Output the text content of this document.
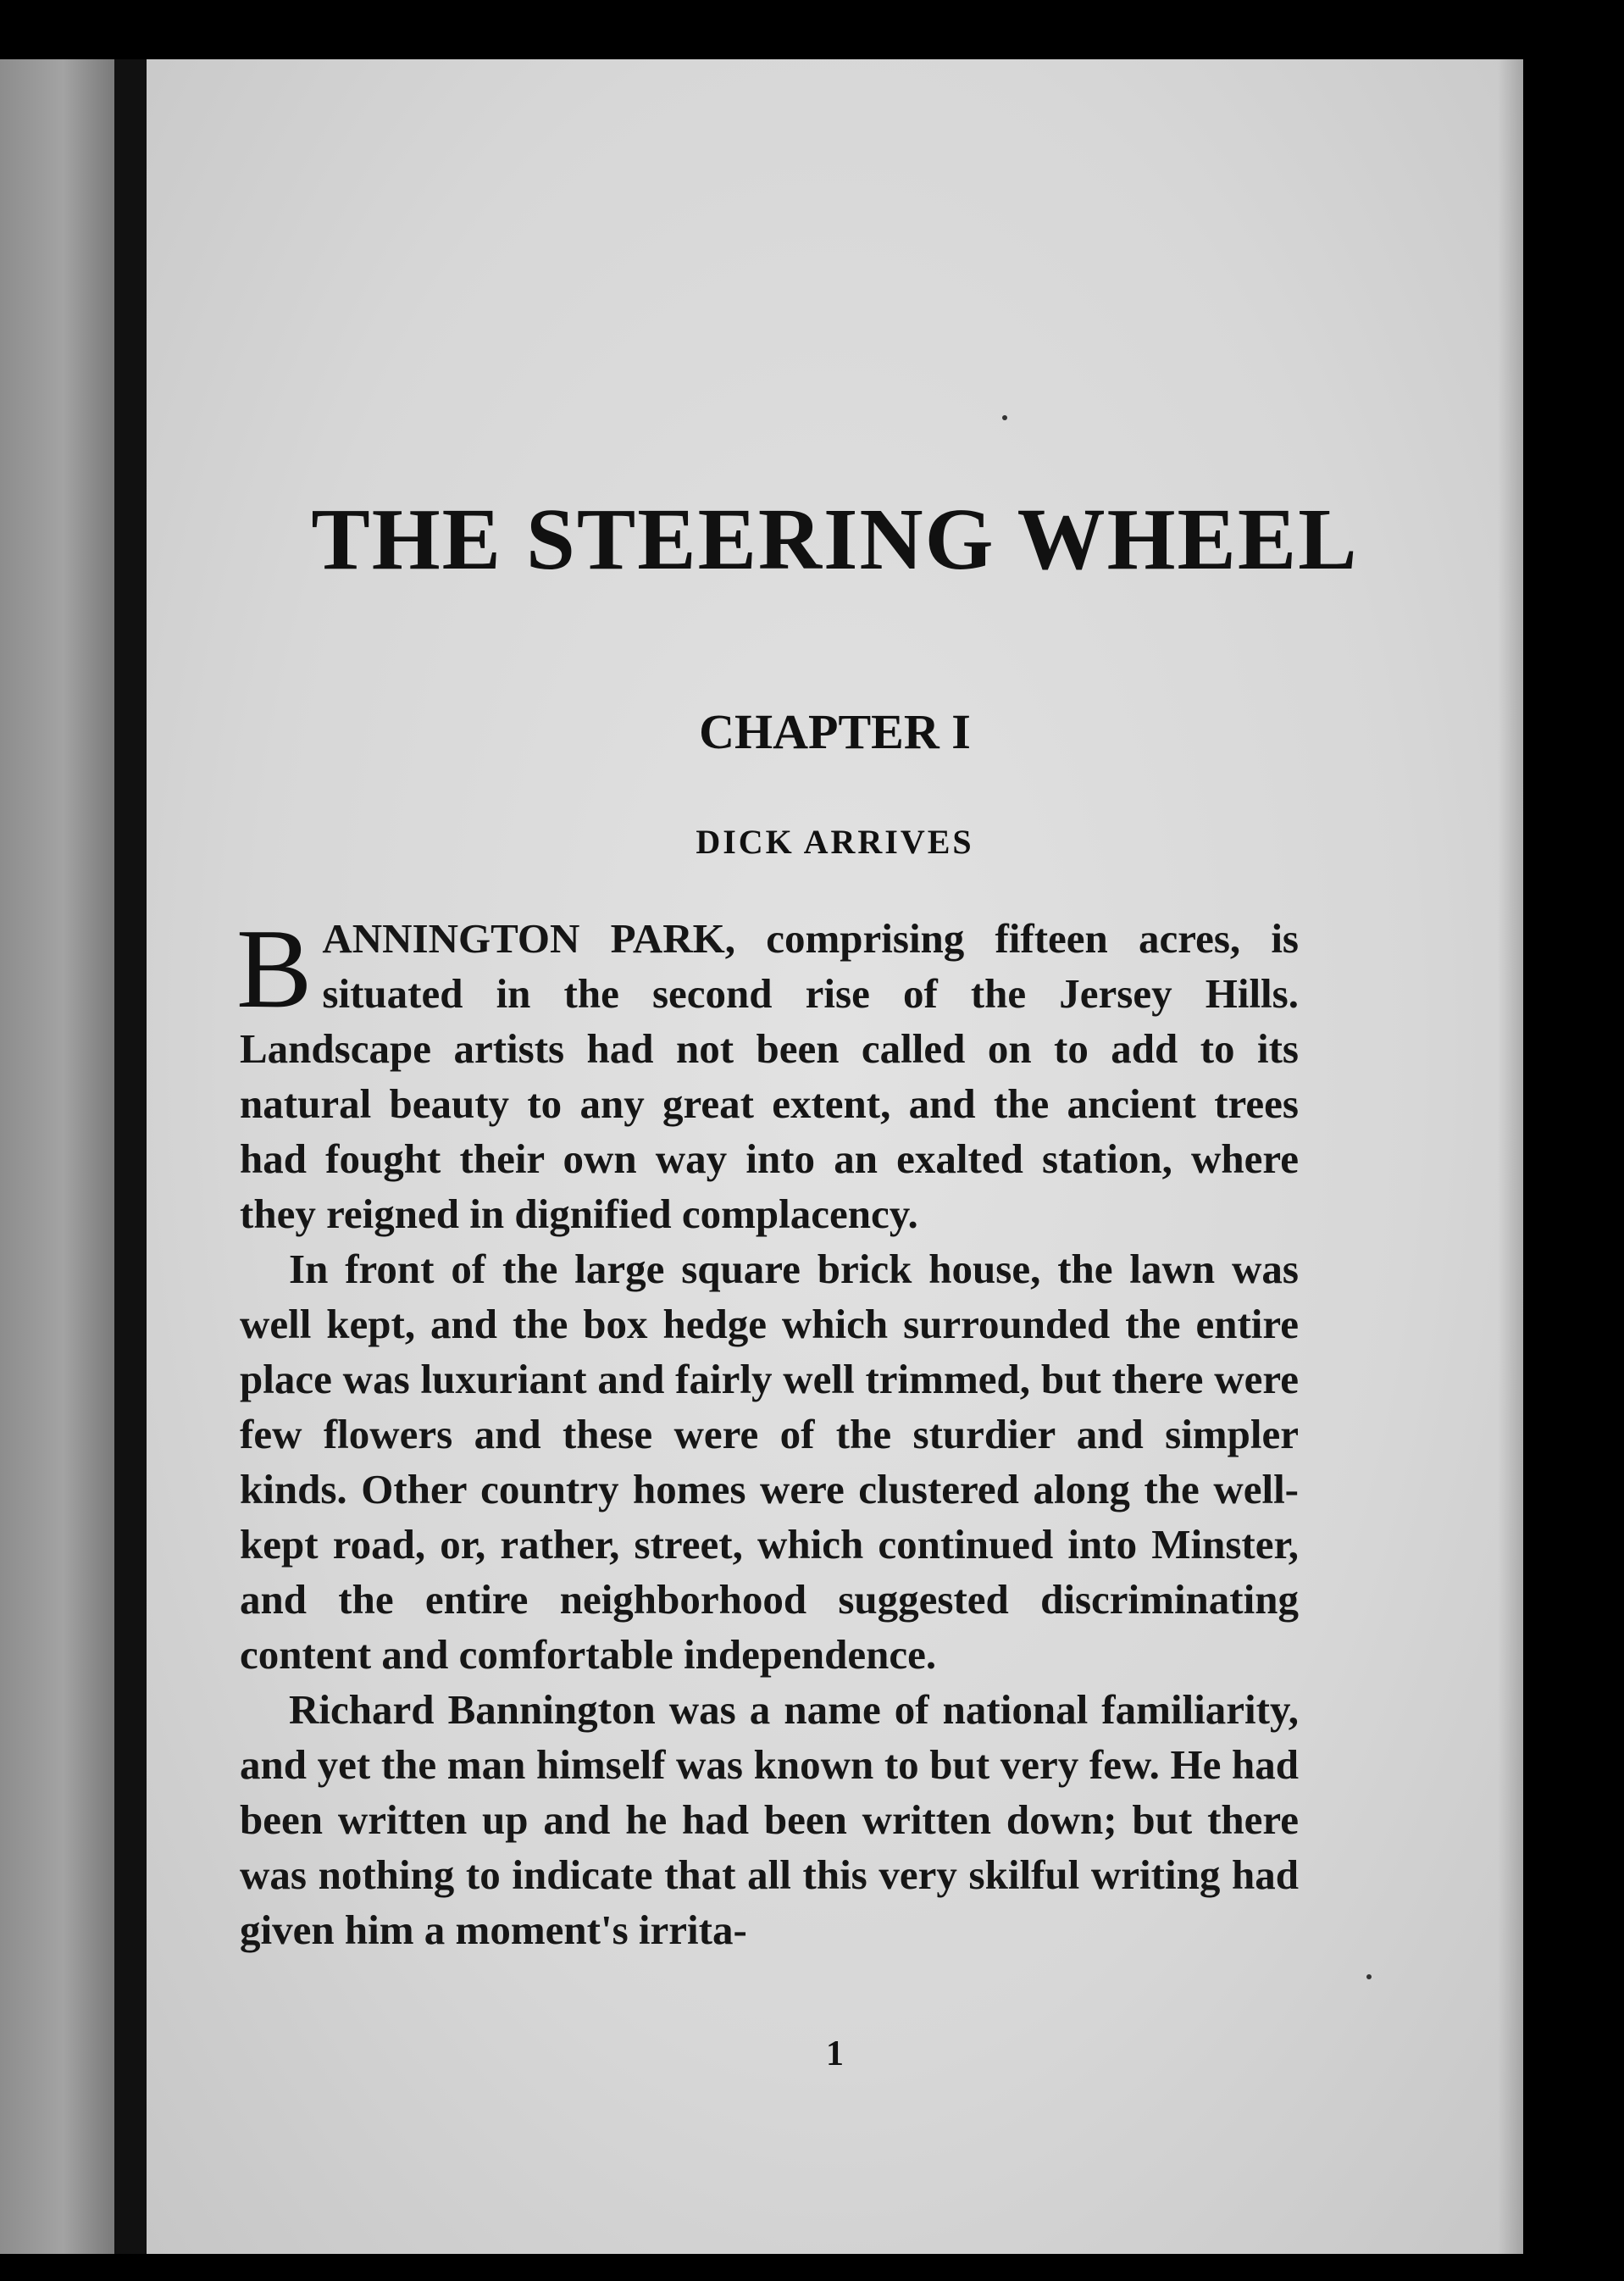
THE STEERING WHEEL
CHAPTER I
DICK ARRIVES

BANNINGTON PARK, comprising fifteen acres, is situated in the second rise of the Jersey Hills. Landscape artists had not been called on to add to its natural beauty to any great extent, and the ancient trees had fought their own way into an exalted station, where they reigned in dignified complacency.

In front of the large square brick house, the lawn was well kept, and the box hedge which surrounded the entire place was luxuriant and fairly well trimmed, but there were few flowers and these were of the sturdier and simpler kinds. Other country homes were clustered along the well-kept road, or, rather, street, which continued into Minster, and the entire neighborhood suggested discriminating content and comfortable independence.

Richard Bannington was a name of national familiarity, and yet the man himself was known to but very few. He had been written up and he had been written down; but there was nothing to indicate that all this very skilful writing had given him a moment's irrita-

1
